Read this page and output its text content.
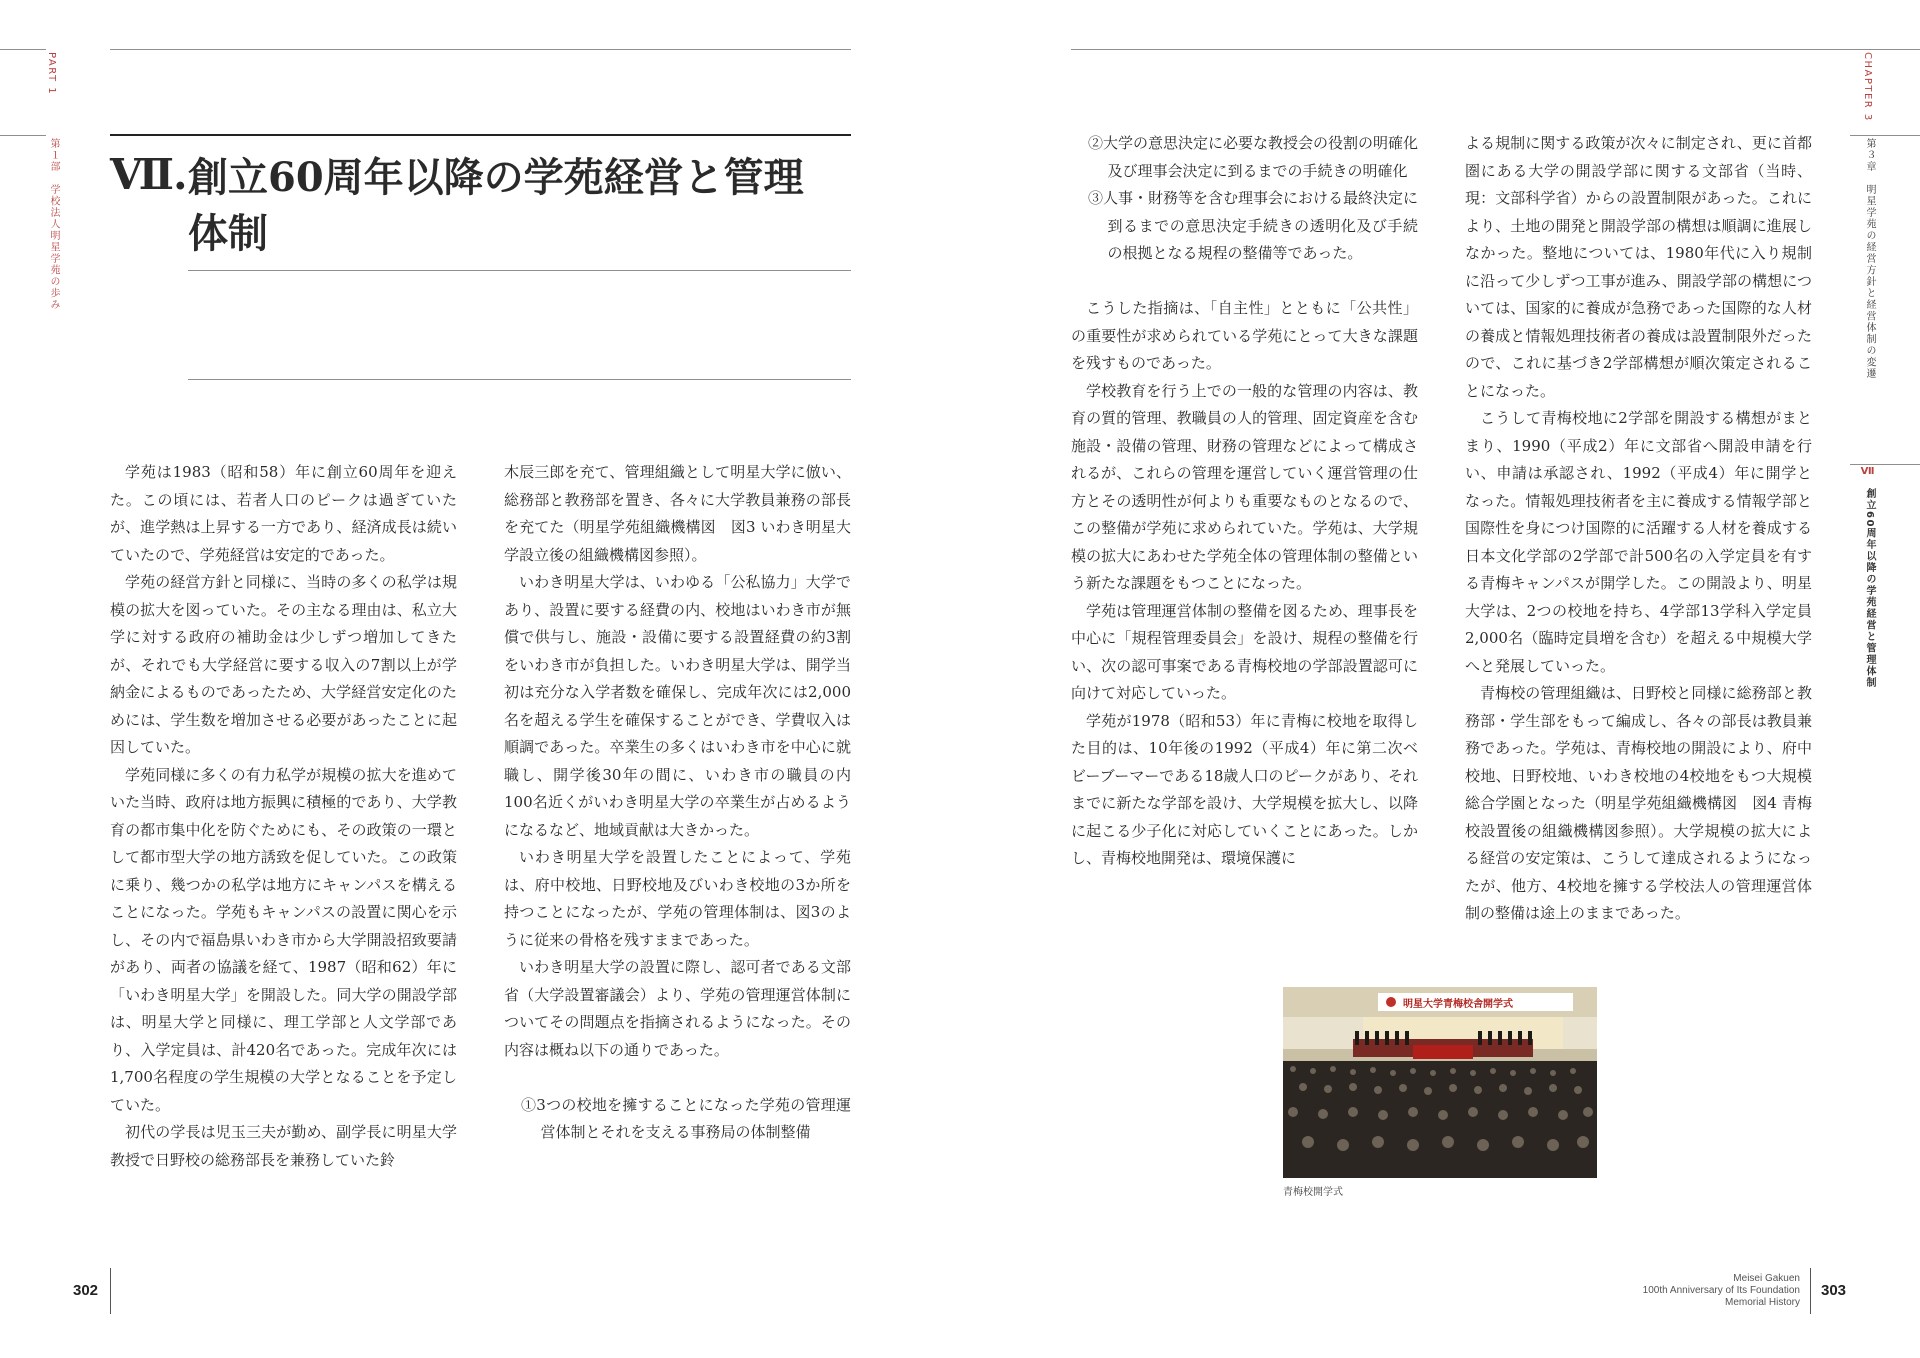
PART 1
第１部　学校法人明星学苑の歩み Ⅶ. 創立60周年以降の学苑経営と管理
体制

学苑は1983（昭和58）年に創立60周年を迎えた。この頃には、若者人口のピークは過ぎていたが、進学熱は上昇する一方であり、経済成長は続いていたので、学苑経営は安定的であった。

学苑の経営方針と同様に、当時の多くの私学は規模の拡大を図っていた。その主なる理由は、私立大学に対する政府の補助金は少しずつ増加してきたが、それでも大学経営に要する収入の7割以上が学納金によるものであったため、大学経営安定化のためには、学生数を増加させる必要があったことに起因していた。

学苑同様に多くの有力私学が規模の拡大を進めていた当時、政府は地方振興に積極的であり、大学教育の都市集中化を防ぐためにも、その政策の一環として都市型大学の地方誘致を促していた。この政策に乗り、幾つかの私学は地方にキャンパスを構えることになった。学苑もキャンパスの設置に関心を示し、その内で福島県いわき市から大学開設招致要請があり、両者の協議を経て、1987（昭和62）年に「いわき明星大学」を開設した。同大学の開設学部は、明星大学と同様に、理工学部と人文学部であり、入学定員は、計420名であった。完成年次には1,700名程度の学生規模の大学となることを予定していた。

初代の学長は児玉三夫が勤め、副学長に明星大学教授で日野校の総務部長を兼務していた鈴

木辰三郎を充て、管理組織として明星大学に倣い、総務部と教務部を置き、各々に大学教員兼務の部長を充てた（明星学苑組織機構図　図3 いわき明星大学設立後の組織機構図参照）。

いわき明星大学は、いわゆる「公私協力」大学であり、設置に要する経費の内、校地はいわき市が無償で供与し、施設・設備に要する設置経費の約3割をいわき市が負担した。いわき明星大学は、開学当初は充分な入学者数を確保し、完成年次には2,000名を超える学生を確保することができ、学費収入は順調であった。卒業生の多くはいわき市を中心に就職し、開学後30年の間に、いわき市の職員の内100名近くがいわき明星大学の卒業生が占めるようになるなど、地域貢献は大きかった。

いわき明星大学を設置したことによって、学苑は、府中校地、日野校地及びいわき校地の3か所を持つことになったが、学苑の管理体制は、図3のように従来の骨格を残すままであった。

いわき明星大学の設置に際し、認可者である文部省（大学設置審議会）より、学苑の管理運営体制についてその問題点を指摘されるようになった。その内容は概ね以下の通りであった。

①3つの校地を擁することになった学苑の管理運営体制とそれを支える事務局の体制整備

302

②大学の意思決定に必要な教授会の役割の明確化及び理事会決定に到るまでの手続きの明確化

③人事・財務等を含む理事会における最終決定に到るまでの意思決定手続きの透明化及び手続の根拠となる規程の整備等であった。

こうした指摘は、「自主性」とともに「公共性」の重要性が求められている学苑にとって大きな課題を残すものであった。

学校教育を行う上での一般的な管理の内容は、教育の質的管理、教職員の人的管理、固定資産を含む施設・設備の管理、財務の管理などによって構成されるが、これらの管理を運営していく運営管理の仕方とその透明性が何よりも重要なものとなるので、この整備が学苑に求められていた。学苑は、大学規模の拡大にあわせた学苑全体の管理体制の整備という新たな課題をもつことになった。

学苑は管理運営体制の整備を図るため、理事長を中心に「規程管理委員会」を設け、規程の整備を行い、次の認可事案である青梅校地の学部設置認可に向けて対応していった。

学苑が1978（昭和53）年に青梅に校地を取得した目的は、10年後の1992（平成4）年に第二次ベビーブーマーである18歳人口のピークがあり、それまでに新たな学部を設け、大学規模を拡大し、以降に起こる少子化に対応していくことにあった。しかし、青梅校地開発は、環境保護に

よる規制に関する政策が次々に制定され、更に首都圏にある大学の開設学部に関する文部省（当時、現：文部科学省）からの設置制限があった。これにより、土地の開発と開設学部の構想は順調に進展しなかった。整地については、1980年代に入り規制に沿って少しずつ工事が進み、開設学部の構想については、国家的に養成が急務であった国際的な人材の養成と情報処理技術者の養成は設置制限外だったので、これに基づき2学部構想が順次策定されることになった。

こうして青梅校地に2学部を開設する構想がまとまり、1990（平成2）年に文部省へ開設申請を行い、申請は承認され、1992（平成4）年に開学となった。情報処理技術者を主に養成する情報学部と国際性を身につけ国際的に活躍する人材を養成する日本文化学部の2学部で計500名の入学定員を有する青梅キャンパスが開学した。この開設より、明星大学は、2つの校地を持ち、4学部13学科入学定員2,000名（臨時定員増を含む）を超える中規模大学へと発展していった。

青梅校の管理組織は、日野校と同様に総務部と教務部・学生部をもって編成し、各々の部長は教員兼務であった。学苑は、青梅校地の開設により、府中校地、日野校地、いわき校地の4校地をもつ大規模総合学園となった（明星学苑組織機構図　図4 青梅校設置後の組織機構図参照）。大学規模の拡大による経営の安定策は、こうして達成されるようになったが、他方、4校地を擁する学校法人の管理運営体制の整備は途上のままであった。

明星大学青梅校舎開学式
青梅校開学式
CHAPTER 3
第３章　明星学苑の経営方針と経営体制の変遷
Ⅶ
創立60周年以降の学苑経営と管理体制
Meisei Gakuen
100th Anniversary of Its Foundation
Memorial History
303
